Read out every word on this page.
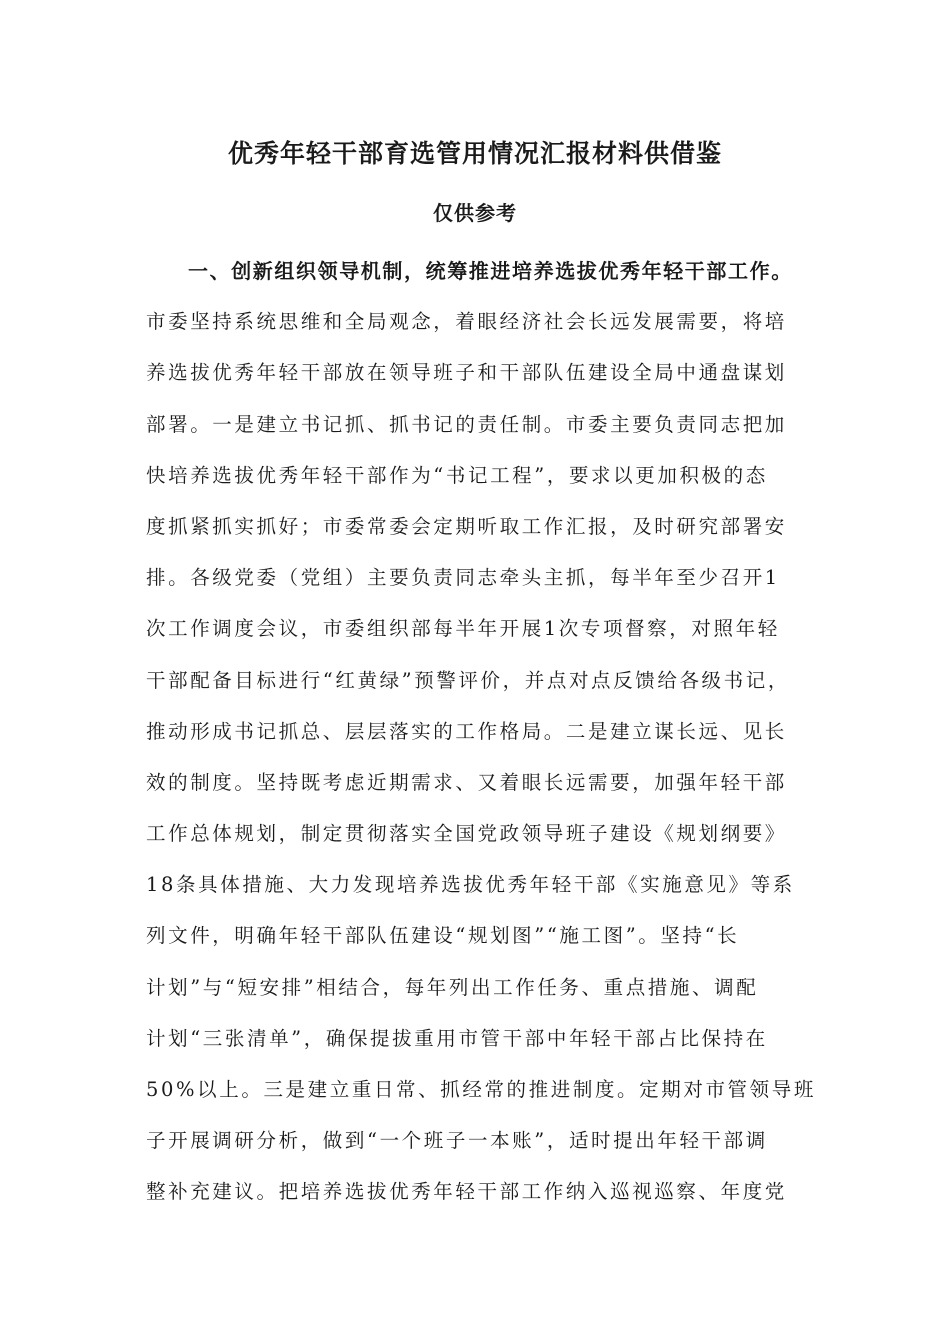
优秀年轻干部育选管用情况汇报材料供借鉴
仅供参考
一、创新组织领导机制，统筹推进培养选拔优秀年轻干部工作。
市委坚持系统思维和全局观念，着眼经济社会长远发展需要，将培
养选拔优秀年轻干部放在领导班子和干部队伍建设全局中通盘谋划
部署。一是建立书记抓、抓书记的责任制。市委主要负责同志把加
快培养选拔优秀年轻干部作为“书记工程”，要求以更加积极的态
度抓紧抓实抓好；市委常委会定期听取工作汇报，及时研究部署安
排。各级党委（党组）主要负责同志牵头主抓，每半年至少召开1
次工作调度会议，市委组织部每半年开展1次专项督察，对照年轻
干部配备目标进行“红黄绿”预警评价，并点对点反馈给各级书记，
推动形成书记抓总、层层落实的工作格局。二是建立谋长远、见长
效的制度。坚持既考虑近期需求、又着眼长远需要，加强年轻干部
工作总体规划，制定贯彻落实全国党政领导班子建设《规划纲要》
18条具体措施、大力发现培养选拔优秀年轻干部《实施意见》等系
列文件，明确年轻干部队伍建设“规划图”“施工图”。坚持“长
计划”与“短安排”相结合，每年列出工作任务、重点措施、调配
计划“三张清单”，确保提拔重用市管干部中年轻干部占比保持在
50%以上。三是建立重日常、抓经常的推进制度。定期对市管领导班
子开展调研分析，做到“一个班子一本账”，适时提出年轻干部调
整补充建议。把培养选拔优秀年轻干部工作纳入巡视巡察、年度党
